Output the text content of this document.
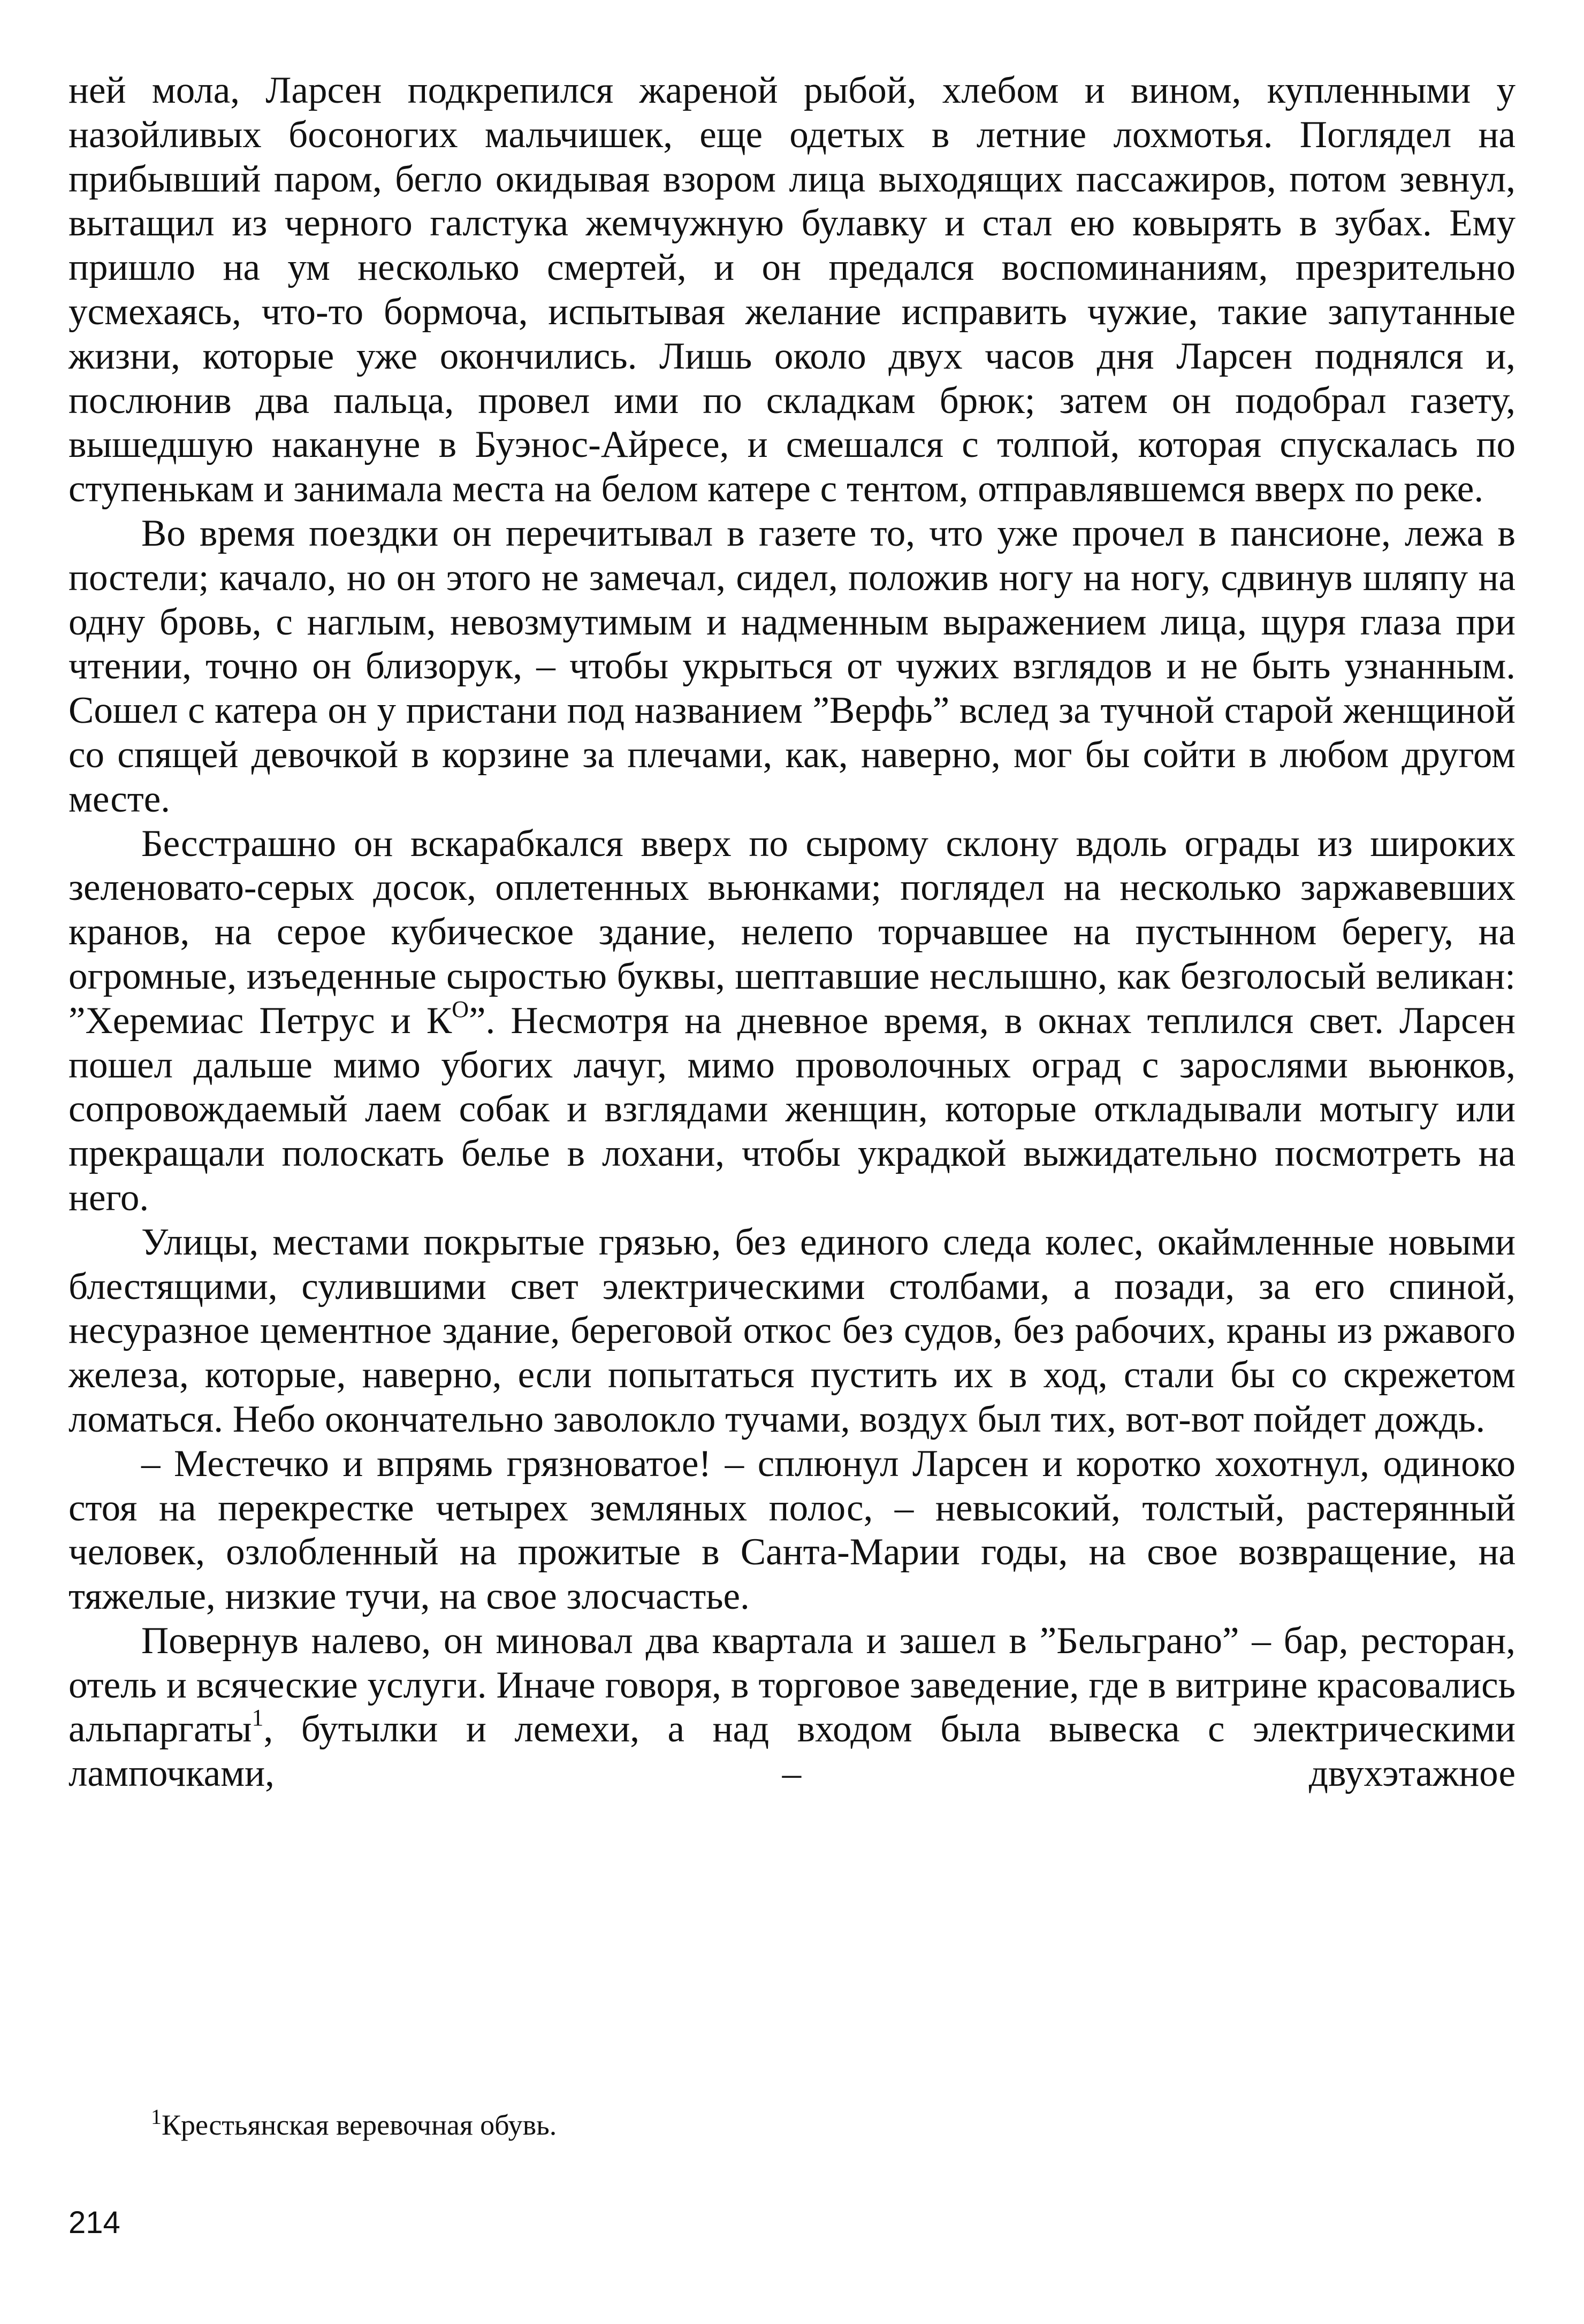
ней мола, Ларсен подкрепился жареной рыбой, хлебом и вином, купленными у назойливых босоногих мальчишек, еще одетых в летние лохмотья. Поглядел на прибывший паром, бегло окидывая взором лица выходящих пассажиров, потом зевнул, вытащил из черного галстука жемчужную булавку и стал ею ковырять в зубах. Ему пришло на ум несколько смертей, и он предался воспоминаниям, презрительно усмехаясь, что-то бормоча, испытывая желание исправить чужие, такие запутанные жизни, которые уже окончились. Лишь около двух часов дня Ларсен поднялся и, послюнив два пальца, провел ими по складкам брюк; затем он подобрал газету, вышедшую накануне в Буэнос-Айресе, и смешался с толпой, которая спускалась по ступенькам и занимала места на белом катере с тентом, отправлявшемся вверх по реке.

Во время поездки он перечитывал в газете то, что уже прочел в пансионе, лежа в постели; качало, но он этого не замечал, сидел, положив ногу на ногу, сдвинув шляпу на одну бровь, с наглым, невозмутимым и надменным выражением лица, щуря глаза при чтении, точно он близорук, – чтобы укрыться от чужих взглядов и не быть узнанным. Сошел с катера он у пристани под названием ”Верфь” вслед за тучной старой женщиной со спящей девочкой в корзине за плечами, как, наверно, мог бы сойти в любом другом месте.

Бесстрашно он вскарабкался вверх по сырому склону вдоль ограды из широких зеленовато-серых досок, оплетенных вьюнками; поглядел на несколько заржавевших кранов, на серое кубическое здание, нелепо торчавшее на пустынном берегу, на огромные, изъеденные сыростью буквы, шептавшие неслышно, как безголосый великан: ”Херемиас Петрус и $К^О$”. Несмотря на дневное время, в окнах теплился свет. Ларсен пошел дальше мимо убогих лачуг, мимо проволочных оград с зарослями вьюнков, сопровождаемый лаем собак и взглядами женщин, которые откладывали мотыгу или прекращали полоскать белье в лохани, чтобы украдкой выжидательно посмотреть на него.

Улицы, местами покрытые грязью, без единого следа колес, окаймленные новыми блестящими, сулившими свет электрическими столбами, а позади, за его спиной, несуразное цементное здание, береговой откос без судов, без рабочих, краны из ржавого железа, которые, наверно, если попытаться пустить их в ход, стали бы со скрежетом ломаться. Небо окончательно заволокло тучами, воздух был тих, вот-вот пойдет дождь.

– Местечко и впрямь грязноватое! – сплюнул Ларсен и коротко хохотнул, одиноко стоя на перекрестке четырех земляных полос, – невысокий, толстый, растерянный человек, озлобленный на прожитые в Санта-Марии годы, на свое возвращение, на тяжелые, низкие тучи, на свое злосчастье.

Повернув налево, он миновал два квартала и зашел в ”Бельграно” – бар, ресторан, отель и всяческие услуги. Иначе говоря, в торговое заведение, где в витрине красовались альпаргаты$^1$, бутылки и лемехи, а над входом была вывеска с электрическими лампочками, – двухэтажное

$^1$Крестьянская веревочная обувь.

214
